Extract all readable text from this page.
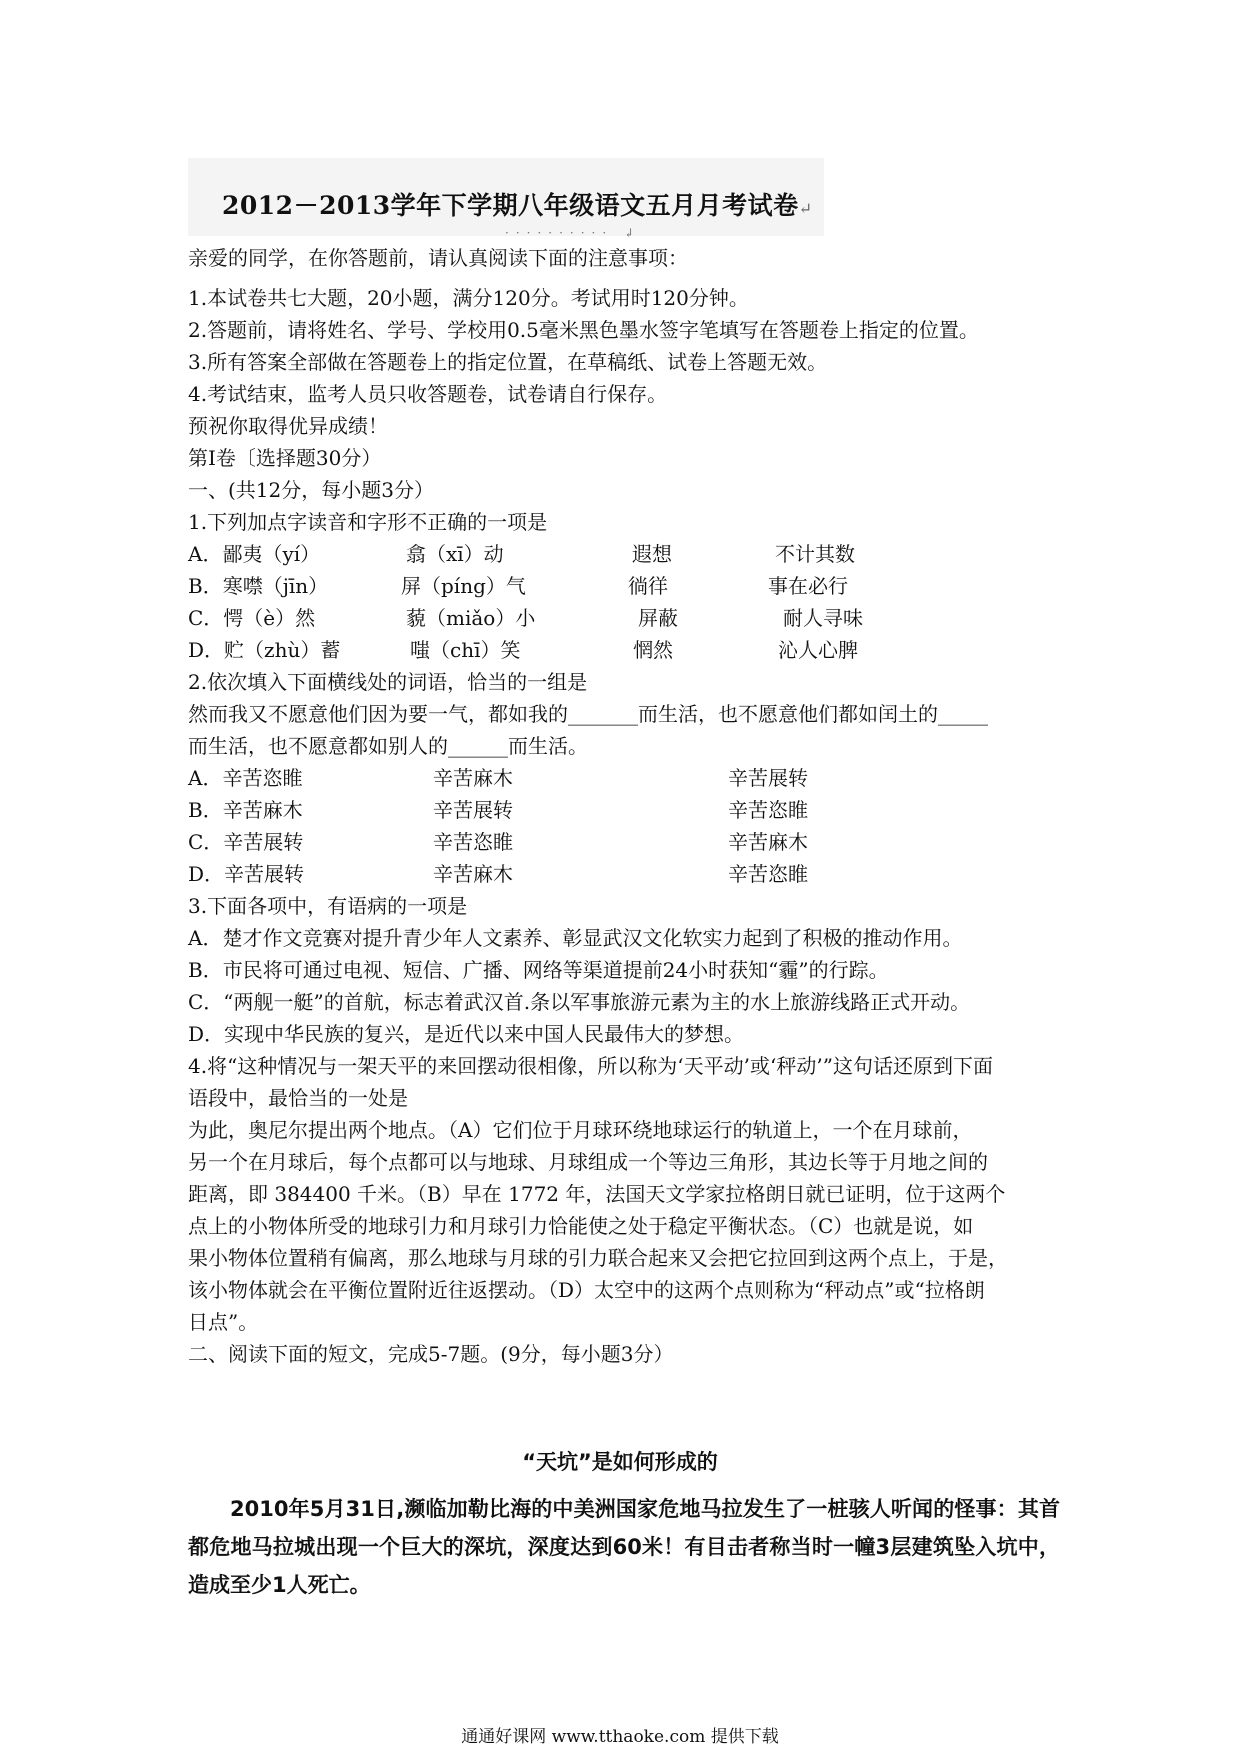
2012－2013学年下学期八年级语文五月月考试卷↵
·········· ↲
亲爱的同学，在你答题前，请认真阅读下面的注意事项：
1.本试卷共七大题，20小题，满分120分。考试用时120分钟。
2.答题前，请将姓名、学号、学校用0.5毫米黑色墨水签字笔填写在答题卷上指定的位置。
3.所有答案全部做在答题卷上的指定位置，在草稿纸、试卷上答题无效。
4.考试结束，监考人员只收答题卷，试卷请自行保存。
预祝你取得优异成绩！
第Ⅰ卷〔选择题30分）
一、(共12分，每小题3分）
1.下列加点字读音和字形不正确的一项是
A．鄙夷（yí）	翕（xī）动	遐想	不计其数
B．寒噤（jīn）	屏（píng）气	徜徉	事在必行
C．愕（è）然	藐（miǎo）小	屏蔽	耐人寻味
D．贮（zhù）蓄	嗤（chī）笑	惘然	沁人心脾
2.依次填入下面横线处的词语，恰当的一组是
然而我又不愿意他们因为要一气，都如我的_______而生活，也不愿意他们都如闰土的_____
而生活，也不愿意都如别人的______而生活。
A．辛苦恣睢	辛苦麻木	辛苦展转
B．辛苦麻木	辛苦展转	辛苦恣睢
C．辛苦展转	辛苦恣睢	辛苦麻木
D．辛苦展转	辛苦麻木	辛苦恣睢
3.下面各项中，有语病的一项是
A．楚才作文竞赛对提升青少年人文素养、彰显武汉文化软实力起到了积极的推动作用。
B．市民将可通过电视、短信、广播、网络等渠道提前24小时获知“霾”的行踪。
C．“两舰一艇”的首航，标志着武汉首.条以军事旅游元素为主的水上旅游线路正式开动。
D．实现中华民族的复兴，是近代以来中国人民最伟大的梦想。
4.将“这种情况与一架天平的来回摆动很相像，所以称为‘天平动’或‘秤动’”这句话还原到下面
语段中，最恰当的一处是
为此，奥尼尔提出两个地点。（A）它们位于月球环绕地球运行的轨道上，一个在月球前，
另一个在月球后，每个点都可以与地球、月球组成一个等边三角形，其边长等于月地之间的
距离，即 384400 千米。（B）早在 1772 年，法国天文学家拉格朗日就已证明，位于这两个
点上的小物体所受的地球引力和月球引力恰能使之处于稳定平衡状态。（C）也就是说，如
果小物体位置稍有偏离，那么地球与月球的引力联合起来又会把它拉回到这两个点上，于是，
该小物体就会在平衡位置附近往返摆动。（D）太空中的这两个点则称为“秤动点”或“拉格朗
日点”。
二、阅读下面的短文，完成5-7题。(9分，每小题3分）
“天坑”是如何形成的
2010年5月31日,濒临加勒比海的中美洲国家危地马拉发生了一桩骇人听闻的怪事：其首都危地马拉城出现一个巨大的深坑，深度达到60米！有目击者称当时一幢3层建筑坠入坑中，造成至少1人死亡。
通通好课网 www.tthaoke.com 提供下载
